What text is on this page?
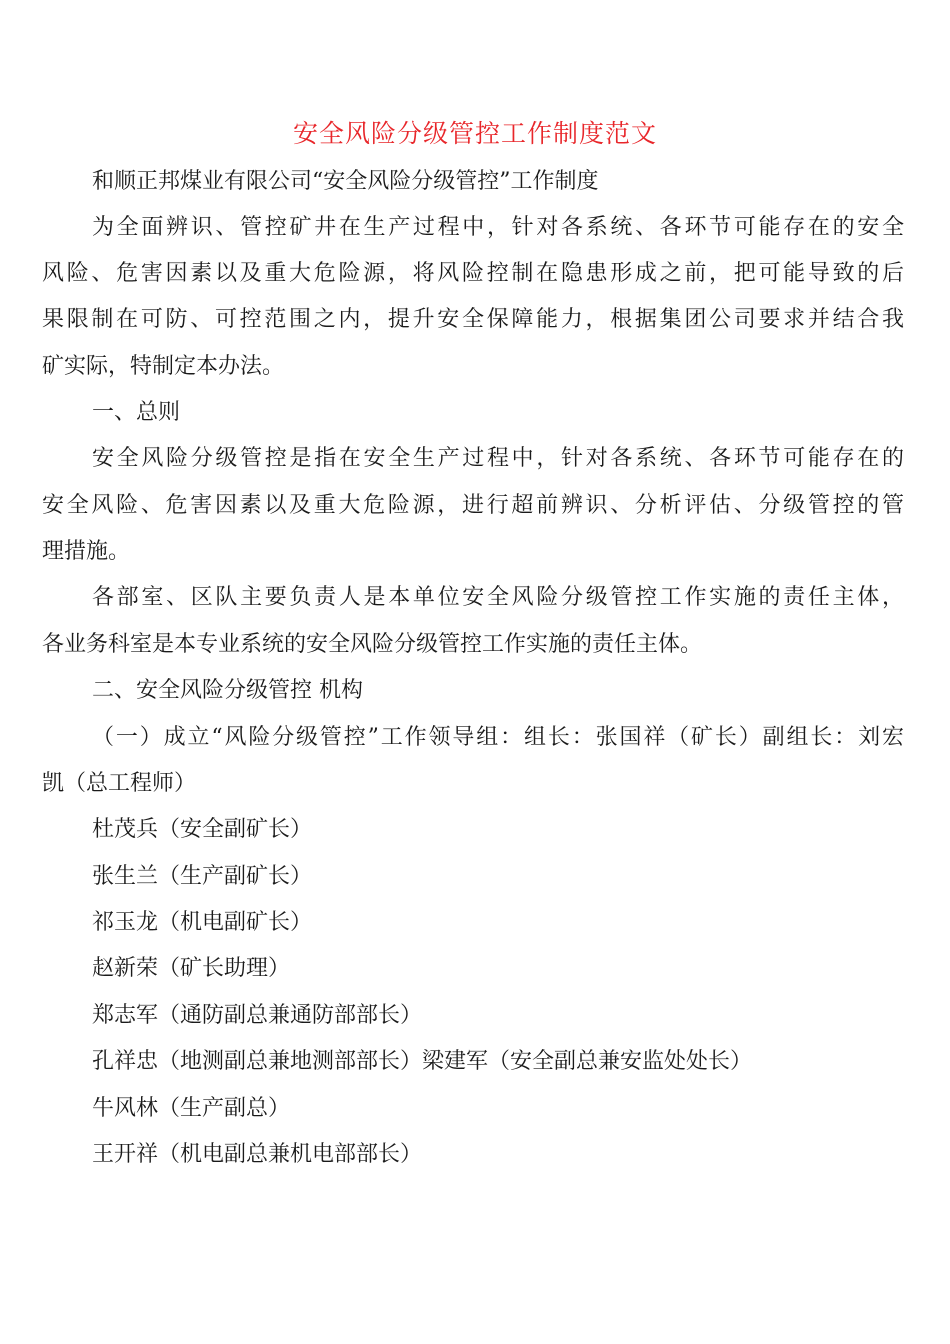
安全风险分级管控工作制度范文
和顺正邦煤业有限公司“安全风险分级管控”工作制度
为全面辨识、管控矿井在生产过程中，针对各系统、各环节可能存在的安全
风险、危害因素以及重大危险源，将风险控制在隐患形成之前，把可能导致的后
果限制在可防、可控范围之内，提升安全保障能力，根据集团公司要求并结合我
矿实际，特制定本办法。
一、总则
安全风险分级管控是指在安全生产过程中，针对各系统、各环节可能存在的
安全风险、危害因素以及重大危险源，进行超前辨识、分析评估、分级管控的管
理措施。
各部室、区队主要负责人是本单位安全风险分级管控工作实施的责任主体，
各业务科室是本专业系统的安全风险分级管控工作实施的责任主体。
二、安全风险分级管控 机构
（一）成立“风险分级管控”工作领导组：组长：张国祥（矿长）副组长：刘宏
凯（总工程师）
杜茂兵（安全副矿长）
张生兰（生产副矿长）
祁玉龙（机电副矿长）
赵新荣（矿长助理）
郑志军（通防副总兼通防部部长）
孔祥忠（地测副总兼地测部部长）梁建军（安全副总兼安监处处长）
牛风林（生产副总）
王开祥（机电副总兼机电部部长）
